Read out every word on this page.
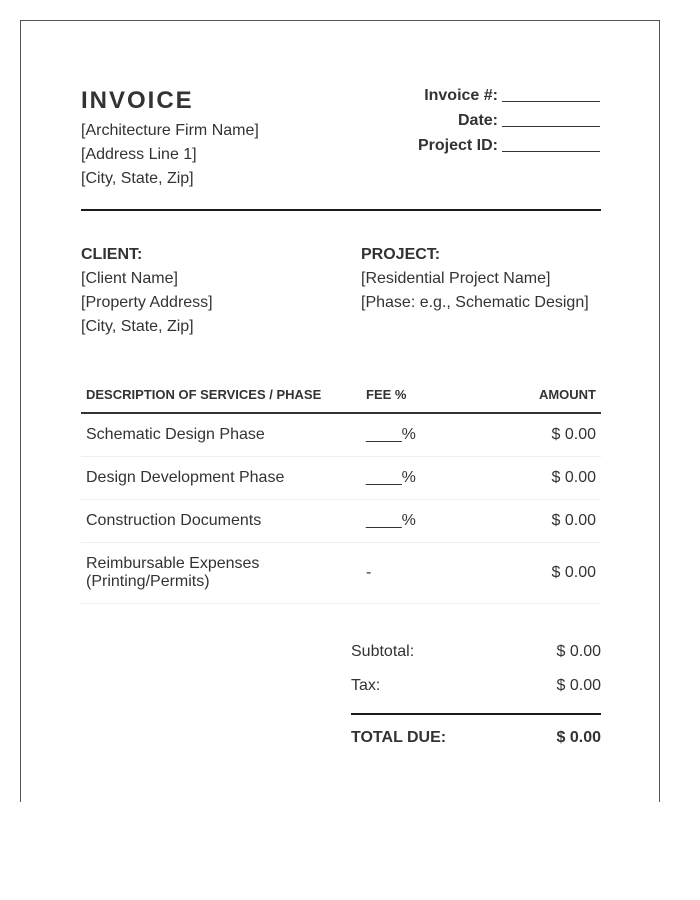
INVOICE
[Architecture Firm Name]
[Address Line 1]
[City, State, Zip]
Invoice #:
Date:
Project ID:
CLIENT:
[Client Name]
[Property Address]
[City, State, Zip]
PROJECT:
[Residential Project Name]
[Phase: e.g., Schematic Design]
DESCRIPTION OF SERVICES / PHASE	FEE %	AMOUNT
Schematic Design Phase	____%	$ 0.00
Design Development Phase	____%	$ 0.00
Construction Documents	____%	$ 0.00

Reimbursable Expenses
(Printing/Permits)	-	$ 0.00
Subtotal:	$ 0.00
Tax:	$ 0.00
TOTAL DUE:	$ 0.00
